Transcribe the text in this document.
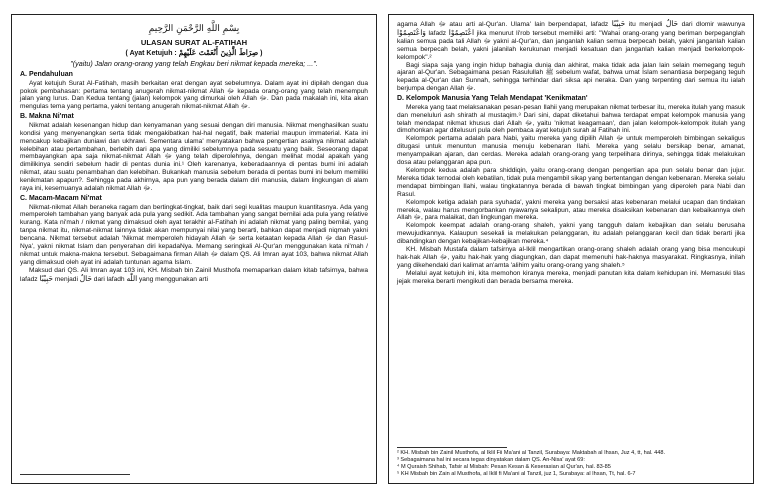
بِسْمِ اللَّهِ الرَّحْمَنِ الرَّحِيمِ
ULASAN SURAT AL-FATIHAH
( Ayat Ketujuh : صِرَاطَ الَّذِينَ أَنْعَمْتَ عَلَيْهِمْ )
"(yaitu) Jalan orang-orang yang telah Engkau beri nikmat kepada mereka; ...".

A. Pendahuluan

Ayat ketujuh Surat Al-Fatihah, masih berkaitan erat dengan ayat sebelumnya. Dalam ayat ini dipilah dengan dua pokok pembahasan: pertama tentang anugerah nikmat-nikmat Allah ﷻ kepada orang-orang yang telah menempuh jalan yang lurus. Dan Kedua tentang (jalan) kelompok yang dimurkai oleh Allah ﷻ. Dan pada makalah ini, kita akan mengulas tema yang pertama, yakni tentang anugerah nikmat-nikmat Allah ﷻ.

B. Makna Ni'mat

Nikmat adalah kesenangan hidup dan kenyamanan yang sesuai dengan diri manusia. Nikmat menghasilkan suatu kondisi yang menyenangkan serta tidak mengakibatkan hal-hal negatif, baik material maupun immaterial. Kata ini mencakup kebajikan duniawi dan ukhrawi. Sementara ulama' menyatakan bahwa pengertian asalnya nikmat adalah kelebihan atau pertambahan, berlebih dari apa yang dimiliki sebelumnya pada sesuatu yang baik. Seseorang dapat membayangkan apa saja nikmat-nikmat Allah ﷻ yang telah diperolehnya, dengan melihat modal apakah yang dimilikinya sendiri sebelum hadir di pentas dunia ini.¹ Oleh karenanya, keberadaannya di pentas bumi ini adalah nikmat, atau suatu penambahan dan kelebihan. Bukankah manusia sebelum berada di pentas bumi ini belum memiliki kenikmatan apapun?. Sehingga pada akhirnya, apa pun yang berada dalam diri manusia, dalam lingkungan di alam raya ini, kesemuanya adalah nikmat Allah ﷻ.

C. Macam-Macam Ni'mat

Nikmat-nikmat Allah beraneka ragam dan bertingkat-tingkat, baik dari segi kualitas maupun kuantitasnya. Ada yang memperoleh tambahan yang banyak ada pula yang sedikit. Ada tambahan yang sangat bernilai ada pula yang relative kurang. Kata ni'mah / nikmat yang dimaksud oleh ayat terakhir al-Fatihah ini adalah nikmat yang paling bernilai, yang tanpa nikmat itu, nikmat-nikmat lainnya tidak akan mempunyai nilai yang berarti, bahkan dapat menjadi niqmah yakni bencana. Nikmat tersebut adalah 'Nikmat memperoleh hidayah Allah ﷻ serta ketaatan kepada Allah ﷻ dan Rasul-Nya', yakni nikmat Islam dan penyerahan diri kepadaNya. Memang seringkali Al-Qur'an menggunakan kata ni'mah / nikmat untuk makna-makna tersebut. Sebagaimana firman Allah ﷻ dalam QS. Ali Imran ayat 103, bahwa nikmat Allah yang dimaksud oleh ayat ini adalah tuntunan agama Islam.

Maksud dari QS. Ali Imran ayat 103 ini, KH. Misbah bin Zainil Musthofa memaparkan dalam kitab tafsirnya, bahwa lafadz حَبِيْبًا menjadi حَالٌ dari lafadh اللّٰه yang menggunakan arti

agama Allah ﷻ atau arti al-Qur'an. Ulama' lain berpendapat, lafadz حَبِيْبًا itu menjadi حَالٌ dari dlomir wawunya وَاعْتَصِمُوْا lafadz اعْتَصِمُوْا jika menurut li'rob tersebut memiliki arti: "Wahai orang-orang yang beriman berpeganglah kalian semua pada tali Allah ﷻ yakni al-Qur'an, dan janganlah kalian semua berpecah belah, yakni janganlah kalian semua berpecah belah, yakni jalanilah kerukunan menjadi kesatuan dan janganlah kalian menjadi berkelompok-kelompok".²

Bagi siapa saja yang ingin hidup bahagia dunia dan akhirat, maka tidak ada jalan lain selain memegang teguh ajaran al-Qur'an. Sebagaimana pesan Rasulullah ﷺ sebelum wafat, bahwa umat Islam senantiasa berpegang teguh kepada al-Qur'an dan Sunnah, sehingga terhindar dari siksa api neraka. Dan yang terpenting dari semua itu ialah berjumpa dengan Allah ﷻ.

D. Kelompok Manusia Yang Telah Mendapat 'Kenikmatan'

Mereka yang taat melaksanakan pesan-pesan Ilahii yang merupakan nikmat terbesar itu, mereka itulah yang masuk dan meneluluri ash shirath al mustaqim.³ Dari sini, dapat diketahui bahwa terdapat empat kelompok manusia yang telah mendapat nikmat khusus dari Allah ﷻ, yaitu 'nikmat keagamaan', dan jalan kelompok-kelompok itulah yang dimohonkan agar ditelusuri pula oleh pembaca ayat ketujuh surah al Fatihah ini.

Kelompok pertama adalah para Nabi, yaitu mereka yang dipilih Allah ﷻ untuk memperoleh bimbingan sekaligus ditugasi untuk menuntun manusia menuju kebenaran Ilahi. Mereka yang selalu bersikap benar, amanat, menyampaikan ajaran, dan cerdas. Mereka adalah orang-orang yang terpelihara dirinya, sehingga tidak melakukan dosa atau pelanggaran apa pun.

Kelompok kedua adalah para shiddiqin, yaitu orang-orang dengan pengertian apa pun selalu benar dan jujur. Mereka tidak ternodai oleh kebatilan, tidak pula mengambil sikap yang bertentangan dengan kebenaran. Mereka selalu mendapat bimbingan Ilahi, walau tingkatannya berada di bawah tingkat bimbingan yang diperoleh para Nabi dan Rasul.

Kelompok ketiga adalah para syuhada', yakni mereka yang bersaksi atas kebenaran melalui ucapan dan tindakan mereka, walau harus mengorbankan nyawanya sekalipun, atau mereka disaksikan kebenaran dan kebaikannya oleh Allah ﷻ, para malaikat, dan lingkungan mereka.

Kelompok keempat adalah orang-orang shaleh, yakni yang tangguh dalam kebajikan dan selalu berusaha mewujudkannya. Kalaupun sesekali ia melakukan pelanggaran, itu adalah pelanggaran kecil dan tidak berarti jika dibandingkan dengan kebajikan-kebajikan mereka.⁴

KH. Misbah Mustafa dalam tafsirnya al-Iklil mengartikan orang-orang shaleh adalah orang yang bisa mencukupi hak-hak Allah ﷻ, yaitu hak-hak yang diagungkan, dan dapat memenuhi hak-haknya masyarakat. Ringkasnya, inilah yang dikehendaki dari kalimat an'amta 'alihim yaitu orang-orang yang shaleh.⁵

Melalui ayat ketujuh ini, kita memohon kiranya mereka, menjadi panutan kita dalam kehidupan ini. Memasuki tilas jejak mereka berarti mengikuti dan berada bersama mereka.

² KH. Misbah bin Zainil Musthofa, al Iklil Fii Ma'ani al Tanzil, Surabaya: Maktabah al Ihsan, Juz 4, tt, hal. 448.

³ Sebagaimana hal ini secara tegas dinyatakan dalam QS. An-Nisa' ayat 69:

⁴ M Quraish Shihab, Tafsir al Misbah: Pesan Kesan & Keserasian al Qur'an, hal. 83-85

⁵ KH Misbah bin Zain al Musthofa, al Iklil fi Ma'ani al Tanzil, juz 1, Surabaya: al Ihsan, Tt, hal. 6-7
